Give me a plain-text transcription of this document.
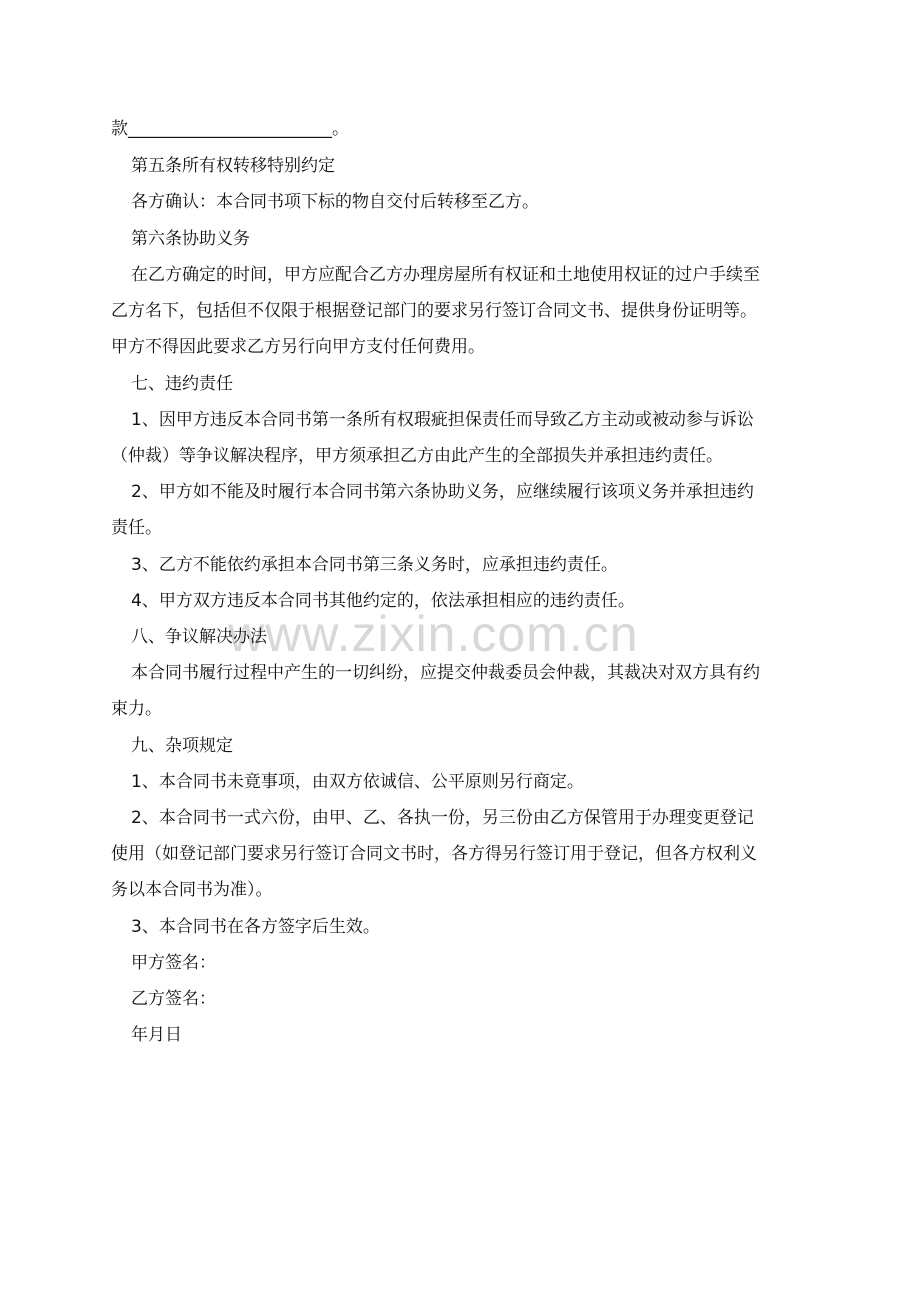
www.zixin.com.cn

款________________________。

第五条所有权转移特别约定

各方确认：本合同书项下标的物自交付后转移至乙方。

第六条协助义务

在乙方确定的时间，甲方应配合乙方办理房屋所有权证和土地使用权证的过户手续至

乙方名下，包括但不仅限于根据登记部门的要求另行签订合同文书、提供身份证明等。

甲方不得因此要求乙方另行向甲方支付任何费用。

七、违约责任

1、因甲方违反本合同书第一条所有权瑕疵担保责任而导致乙方主动或被动参与诉讼

（仲裁）等争议解决程序，甲方须承担乙方由此产生的全部损失并承担违约责任。

2、甲方如不能及时履行本合同书第六条协助义务，应继续履行该项义务并承担违约

责任。

3、乙方不能依约承担本合同书第三条义务时，应承担违约责任。

4、甲方双方违反本合同书其他约定的，依法承担相应的违约责任。

八、争议解决办法

本合同书履行过程中产生的一切纠纷，应提交仲裁委员会仲裁，其裁决对双方具有约

束力。

九、杂项规定

1、本合同书未竟事项，由双方依诚信、公平原则另行商定。

2、本合同书一式六份，由甲、乙、各执一份，另三份由乙方保管用于办理变更登记

使用（如登记部门要求另行签订合同文书时，各方得另行签订用于登记，但各方权利义

务以本合同书为准）。

3、本合同书在各方签字后生效。

甲方签名：

乙方签名：

年月日
